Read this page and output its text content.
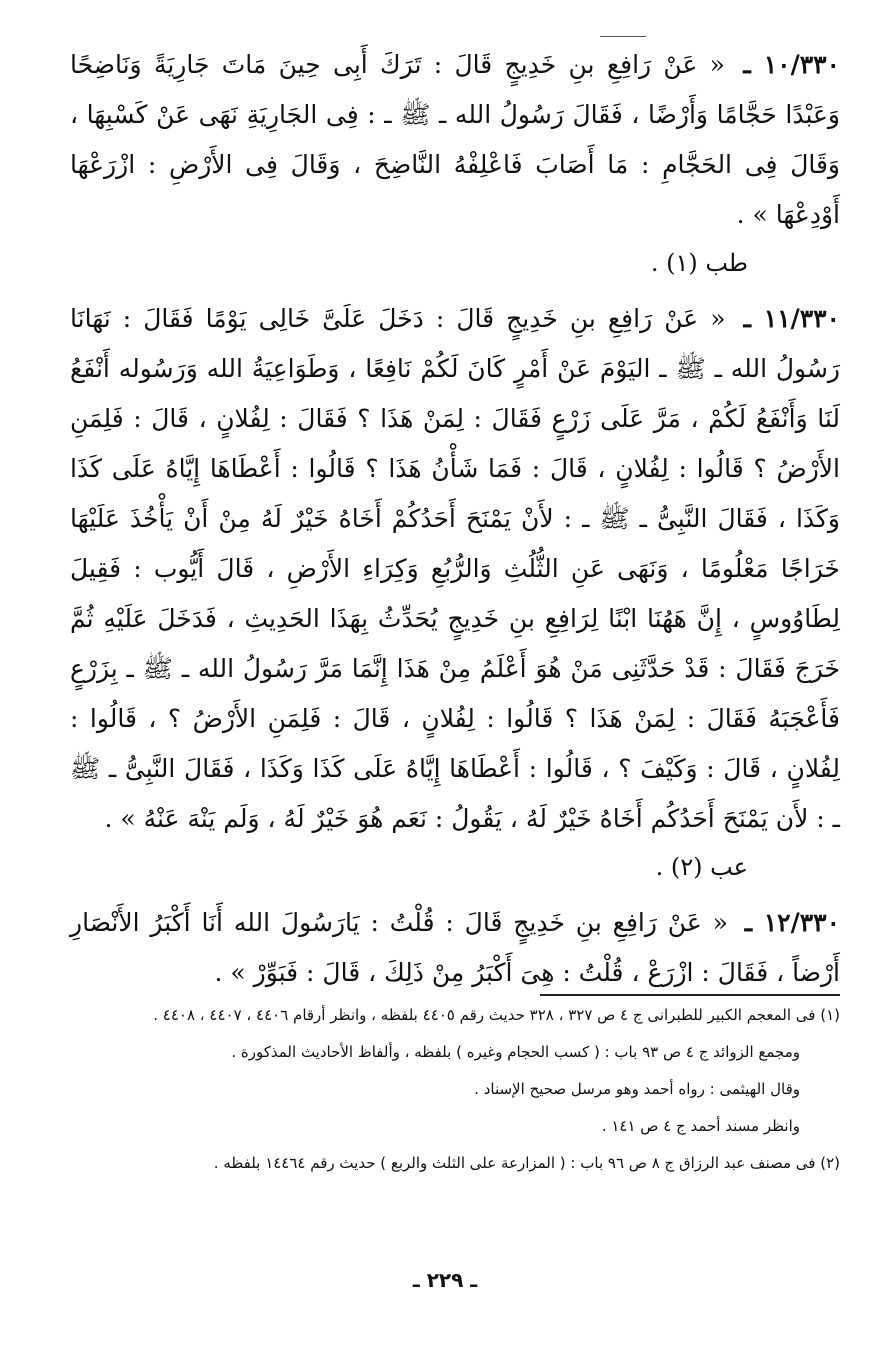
١٠/٣٣٠ ـ « عَنْ رَافِعِ بنِ خَدِيجٍ قَالَ : تَرَكَ أَبِى حِينَ مَاتَ جَارِيَةً وَنَاضِحًا وَعَبْدًا حَجَّامًا وَأَرْضًا ، فَقَالَ رَسُولُ الله ـ ﷺ ـ : فِى الجَارِيَةِ نَهَى عَنْ كَسْبِهَا ، وَقَالَ فِى الحَجَّامِ : مَا أَصَابَ فَاعْلِفْهُ النَّاضِحَ ، وَقَالَ فِى الأَرْضِ : ازْرَعْهَا أَوْدِعْهَا » .

طب (١) .

١١/٣٣٠ ـ « عَنْ رَافِعِ بنِ خَدِيجٍ قَالَ : دَخَلَ عَلَىَّ خَالِى يَوْمًا فَقَالَ : نَهَانَا رَسُولُ الله ـ ﷺ ـ اليَوْمَ عَنْ أَمْرٍ كَانَ لَكُمْ نَافِعًا ، وَطَوَاعِيَةُ الله وَرَسُوله أَنْفَعُ لَنَا وَأَنْفَعُ لَكُمْ ، مَرَّ عَلَى زَرْعٍ فَقَالَ : لِمَنْ هَذَا ؟ فَقَالَ : لِفُلانٍ ، قَالَ : فَلِمَنِ الأَرْضُ ؟ قَالُوا : لِفُلانٍ ، قَالَ : فَمَا شَأْنُ هَذَا ؟ قَالُوا : أَعْطَاهَا إِيَّاهُ عَلَى كَذَا وَكَذَا ، فَقَالَ النَّبِىُّ ـ ﷺ ـ : لأَنْ يَمْنَحَ أَحَدُكُمْ أَخَاهُ خَيْرٌ لَهُ مِنْ أَنْ يَأْخُذَ عَلَيْهَا خَرَاجًا مَعْلُومًا ، وَنَهَى عَنِ الثُّلُثِ وَالرُّبُعِ وَكِرَاءِ الأَرْضِ ، قَالَ أَيُّوب : فَقِيلَ لِطَاوُوسٍ ، إِنَّ هَهُنَا ابْنًا لِرَافِعِ بنِ خَدِيجٍ يُحَدِّثُ بِهَذَا الحَدِيثِ ، فَدَخَلَ عَلَيْهِ ثُمَّ خَرَجَ فَقَالَ : قَدْ حَدَّثَنِى مَنْ هُوَ أَعْلَمُ مِنْ هَذَا إِنَّمَا مَرَّ رَسُولُ الله ـ ﷺ ـ بِزَرْعٍ فَأَعْجَبَهُ فَقَالَ : لِمَنْ هَذَا ؟ قَالُوا : لِفُلانٍ ، قَالَ : فَلِمَنِ الأَرْضُ ؟ ، قَالُوا : لِفُلانٍ ، قَالَ : وَكَيْفَ ؟ ، قَالُوا : أَعْطَاهَا إِيَّاهُ عَلَى كَذَا وَكَذَا ، فَقَالَ النَّبِىُّ ـ ﷺ ـ : لأَن يَمْنَحَ أَحَدُكُم أَخَاهُ خَيْرٌ لَهُ ، يَقُولُ : نَعَم هُوَ خَيْرٌ لَهُ ، وَلَم يَنْهَ عَنْهُ » .

عب (٢) .

١٢/٣٣٠ ـ « عَنْ رَافِعِ بنِ خَدِيجٍ قَالَ : قُلْتُ : يَارَسُولَ الله أَنَا أَكْبَرُ الأَنْصَارِ أَرْضاً ، فَقَالَ : ازْرَعْ ، قُلْتُ : هِىَ أَكْبَرُ مِنْ ذَلِكَ ، قَالَ : فَبَوِّرْ » .

(١) فى المعجم الكبير للطبرانى ج ٤ ص ٣٢٧ ، ٣٢٨ حديث رقم ٤٤٠٥ بلفظه ، وانظر أرقام ٤٤٠٦ ، ٤٤٠٧ ، ٤٤٠٨ .

ومجمع الزوائد ج ٤ ص ٩٣ باب : ( كسب الحجام وغيره ) بلفظه ، وألفاظ الأحاديث المذكورة .

وقال الهيثمى : رواه أحمد وهو مرسل صحيح الإسناد .

وانظر مسند أحمد ج ٤ ص ١٤١ .

(٢) فى مصنف عبد الرزاق ج ٨ ص ٩٦ باب : ( المزارعة على الثلث والربع ) حديث رقم ١٤٤٦٤ بلفظه .

ـ ٢٢٩ ـ
